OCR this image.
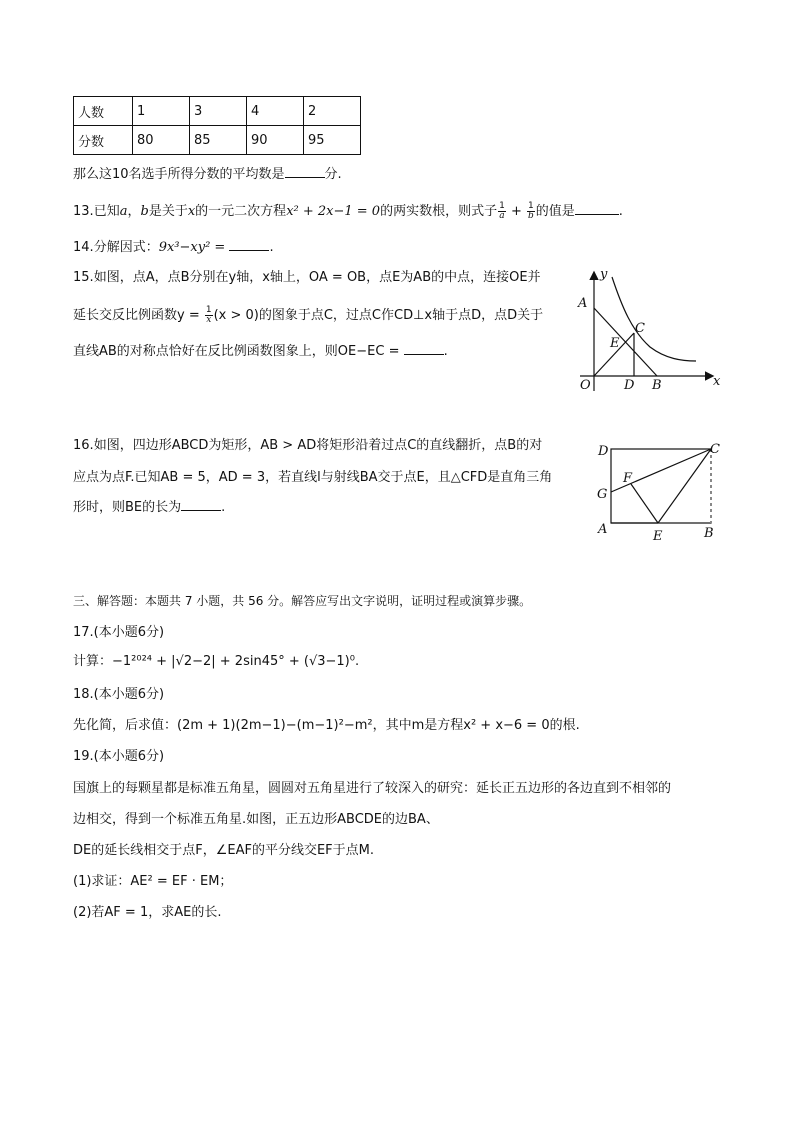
人数	1	3	4	2
分数	80	85	90	95
那么这10名选手所得分数的平均数是	分.
13.已知a，b是关于x的一元二次方程x² + 2x−1 = 0的两实数根，则式子 $\frac{1}{a} + \frac{1}{b}$ 的值是	.
14.分解因式：9x³−xy² =	.
15.如图，点A，点B分别在y轴，x轴上，OA = OB，点E为AB的中点，连接OE并
延长交反比例函数$y = \frac{1}{x} (x > 0)$的图象于点C，过点C作CD⊥x轴于点D，点D关于
直线AB的对称点恰好在反比例函数图象上，则OE−EC =	.
y
x
A
C
E
O	D B
16.如图，四边形ABCD为矩形，AB > AD将矩形沿着过点C的直线翻折，点B的对
应点为点F.已知AB = 5，AD = 3，若直线l与射线BA交于点E，且△CFD是直角三角
形时，则BE的长为	.
D	C
F
G
A	E	B
三、解答题：本题共 7 小题，共 56 分。解答应写出文字说明，证明过程或演算步骤。
17.(本小题6分)
计算：−1²⁰²⁴ + |√2−2| + 2sin45° + (√3−1)⁰.
18.(本小题6分)
先化简，后求值：(2m + 1)(2m−1)−(m−1)²−m²，其中m是方程x² + x−6 = 0的根.
19.(本小题6分)
国旗上的每颗星都是标准五角星，圆圆对五角星进行了较深入的研究：延长正五边形的各边直到不相邻的
边相交，得到一个标准五角星.如图，正五边形ABCDE的边BA、
DE的延长线相交于点F，∠EAF的平分线交EF于点M.
(1)求证：AE² = EF · EM；
(2)若AF = 1，求AE的长.
